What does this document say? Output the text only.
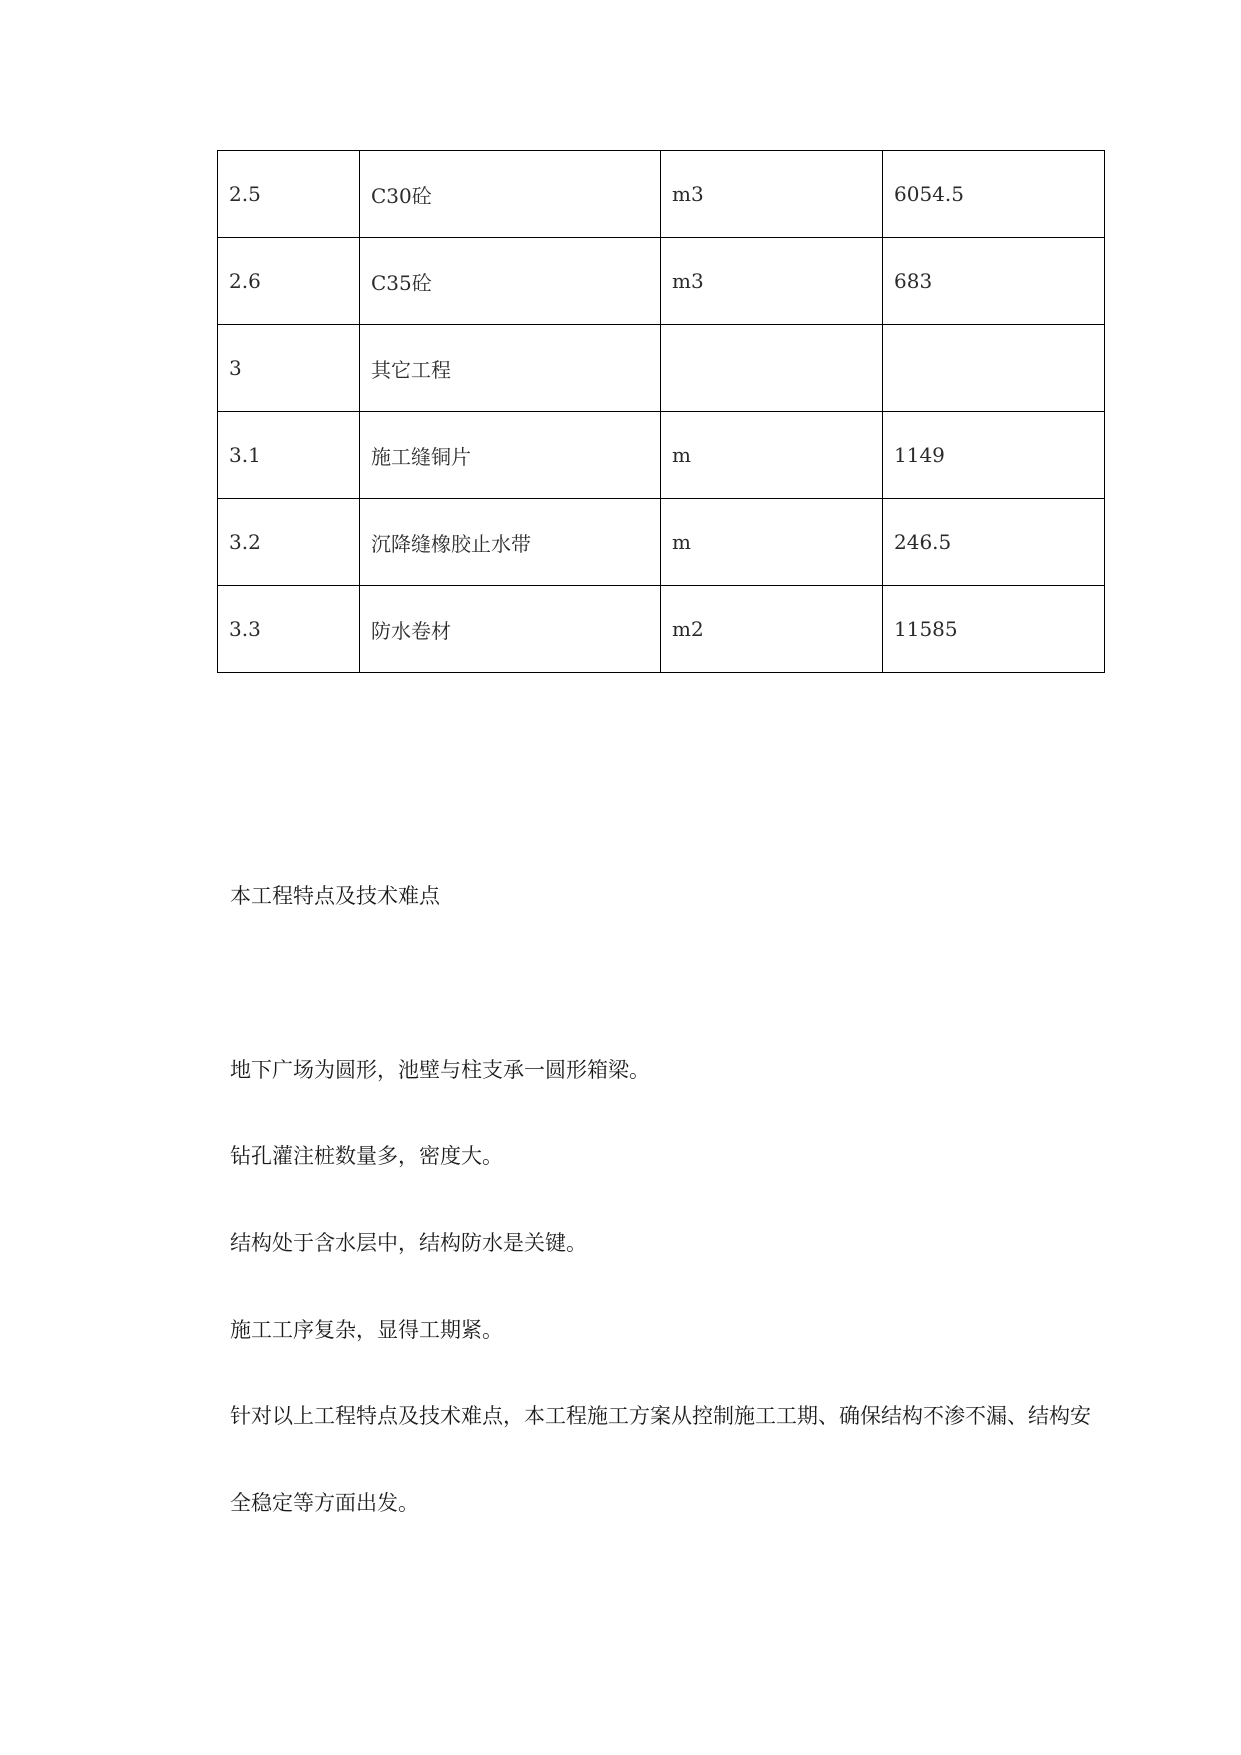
2.5	C30砼	m3	6054.5
2.6	C35砼	m3	683
3	其它工程		
3.1	施工缝铜片	m	1149
3.2	沉降缝橡胶止水带	m	246.5
3.3	防水卷材	m2	11585
本工程特点及技术难点
地下广场为圆形，池壁与柱支承一圆形箱梁。
钻孔灌注桩数量多，密度大。
结构处于含水层中，结构防水是关键。
施工工序复杂，显得工期紧。
针对以上工程特点及技术难点，本工程施工方案从控制施工工期、确保结构不渗不漏、结构安
全稳定等方面出发。
